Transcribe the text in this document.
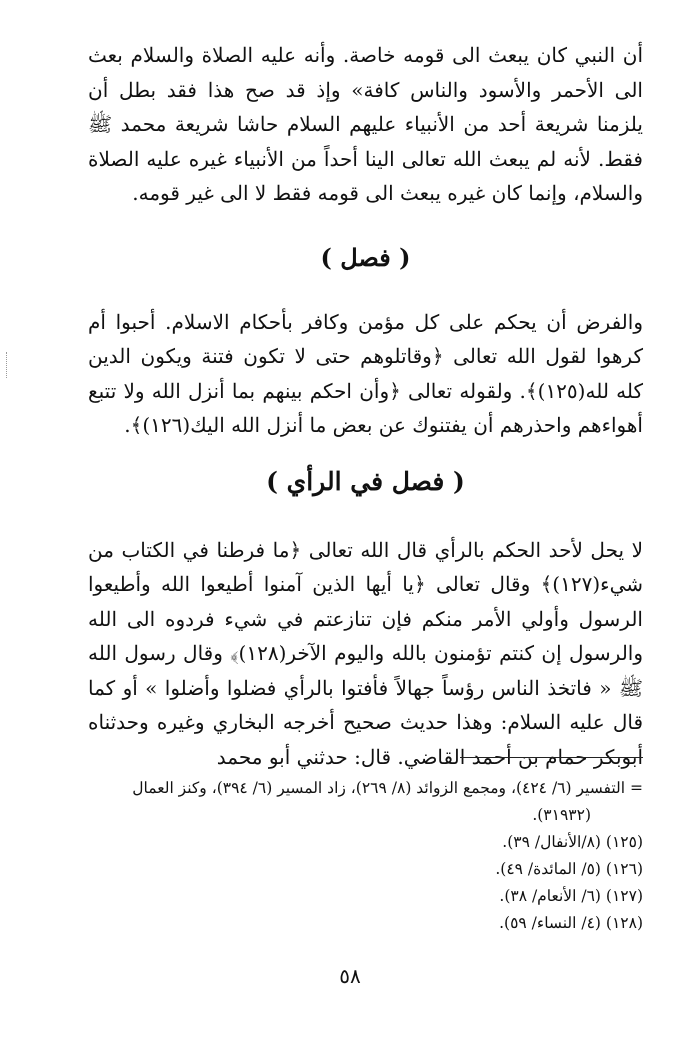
أن النبي كان يبعث الى قومه خاصة. وأنه عليه الصلاة والسلام بعث الى الأحمر والأسود والناس كافة» وإذ قد صح هذا فقد بطل أن يلزمنا شريعة أحد من الأنبياء عليهم السلام حاشا شريعة محمد ﷺ فقط. لأنه لم يبعث الله تعالى الينا أحداً من الأنبياء غيره عليه الصلاة والسلام، وإنما كان غيره يبعث الى قومه فقط لا الى غير قومه.

( فصل )

والفرض أن يحكم على كل مؤمن وكافر بأحكام الاسلام. أحبوا أم كرهوا لقول الله تعالى ﴿وقاتلوهم حتى لا تكون فتنة ويكون الدين كله لله(١٢٥)﴾. ولقوله تعالى ﴿وأن احكم بينهم بما أنزل الله ولا تتبع أهواءهم واحذرهم أن يفتنوك عن بعض ما أنزل الله اليك(١٢٦)﴾.

( فصل في الرأي )

لا يحل لأحد الحكم بالرأي قال الله تعالى ﴿ما فرطنا في الكتاب من شيء(١٢٧)﴾ وقال تعالى ﴿يا أيها الذين آمنوا أطيعوا الله وأطيعوا الرسول وأولي الأمر منكم فإن تنازعتم في شيء فردوه الى الله والرسول إن كنتم تؤمنون بالله واليوم الآخر(١٢٨)﴾ وقال رسول الله ﷺ « فاتخذ الناس رؤساً جهالاً فأفتوا بالرأي فضلوا وأضلوا » أو كما قال عليه السلام: وهذا حديث صحيح أخرجه البخاري وغيره وحدثناه أبوبكر حمام بن أحمد القاضي. قال: حدثني أبو محمد

= التفسير (٦/ ٤٢٤)، ومجمع الزوائد (٨/ ٢٦٩)، زاد المسير (٦/ ٣٩٤)، وكنز العمال

(٣١٩٣٢).

(١٢٥) (٨/الأنفال/ ٣٩).

(١٢٦) (٥/ المائدة/ ٤٩).

(١٢٧) (٦/ الأنعام/ ٣٨).

(١٢٨) (٤/ النساء/ ٥٩).

٥٨
